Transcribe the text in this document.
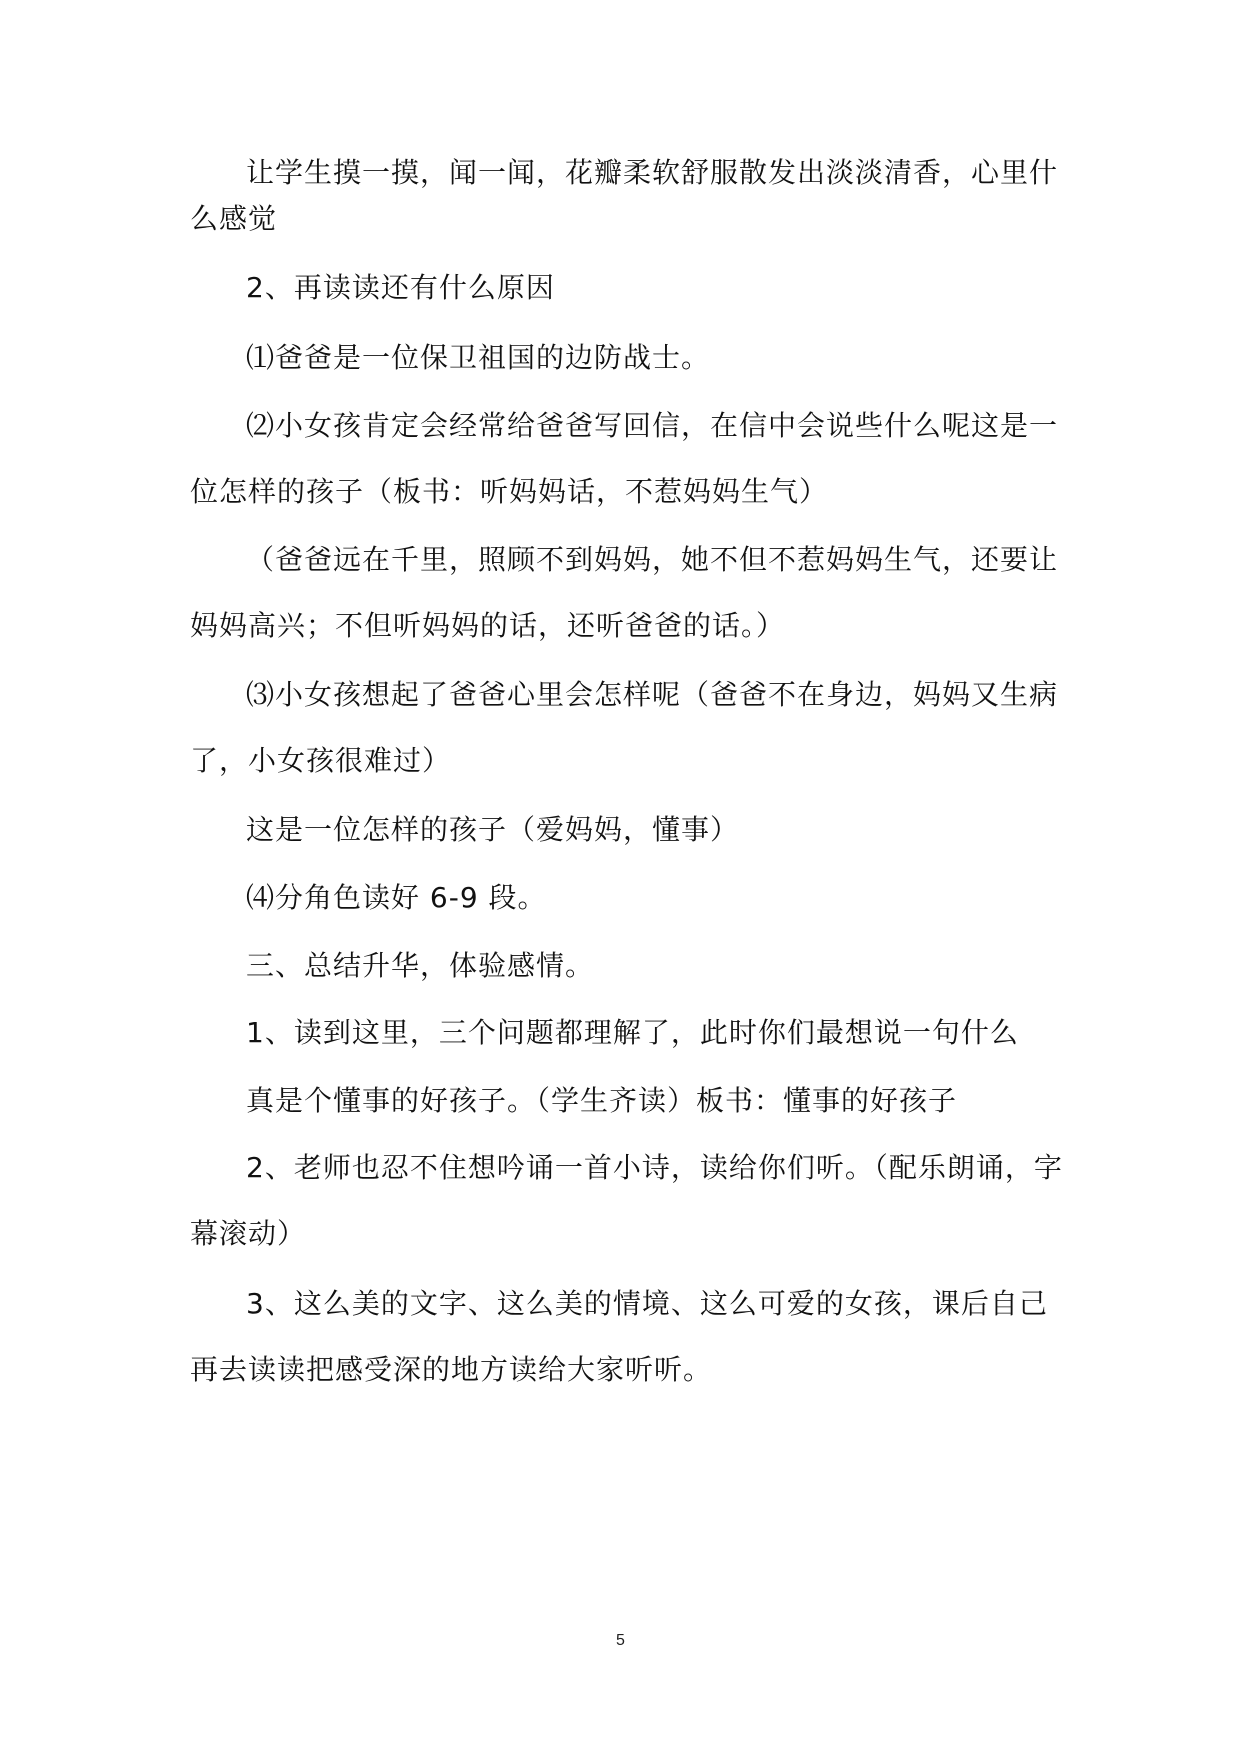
让学生摸一摸，闻一闻，花瓣柔软舒服散发出淡淡清香，心里什
么感觉
2、再读读还有什么原因
⑴爸爸是一位保卫祖国的边防战士。
⑵小女孩肯定会经常给爸爸写回信，在信中会说些什么呢这是一
位怎样的孩子（板书：听妈妈话，不惹妈妈生气）
（爸爸远在千里，照顾不到妈妈，她不但不惹妈妈生气，还要让
妈妈高兴；不但听妈妈的话，还听爸爸的话。）
⑶小女孩想起了爸爸心里会怎样呢（爸爸不在身边，妈妈又生病
了，小女孩很难过）
这是一位怎样的孩子（爱妈妈，懂事）
⑷分角色读好 6-9 段。
三、总结升华，体验感情。
1、读到这里，三个问题都理解了，此时你们最想说一句什么
真是个懂事的好孩子。（学生齐读）板书：懂事的好孩子
2、老师也忍不住想吟诵一首小诗，读给你们听。（配乐朗诵，字
幕滚动）
3、这么美的文字、这么美的情境、这么可爱的女孩，课后自己
再去读读把感受深的地方读给大家听听。
5
